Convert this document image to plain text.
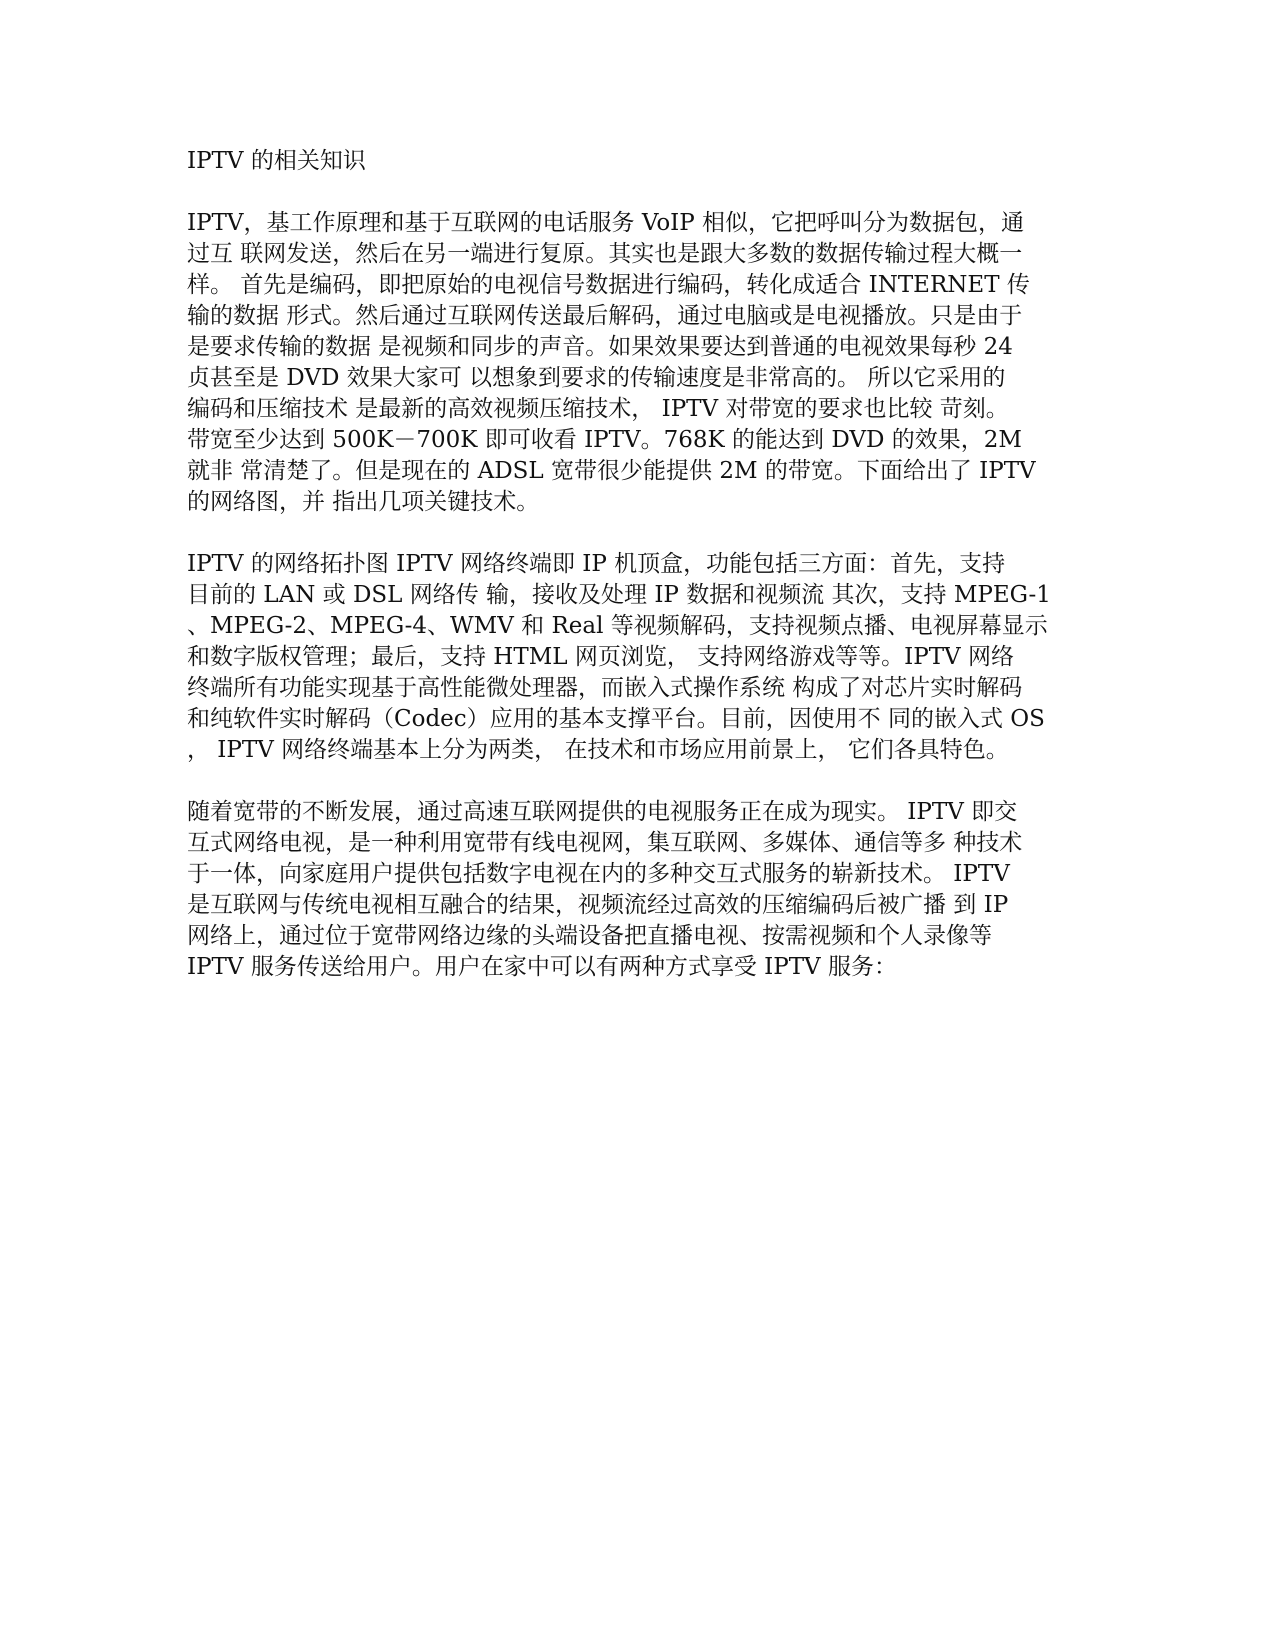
IPTV 的相关知识
IPTV，基工作原理和基于互联网的电话服务 VoIP 相似，它把呼叫分为数据包，通
过互 联网发送，然后在另一端进行复原。其实也是跟大多数的数据传输过程大概一
样。 首先是编码，即把原始的电视信号数据进行编码，转化成适合 INTERNET 传
输的数据 形式。然后通过互联网传送最后解码，通过电脑或是电视播放。只是由于
是要求传输的数据 是视频和同步的声音。如果效果要达到普通的电视效果每秒 24
贞甚至是 DVD 效果大家可 以想象到要求的传输速度是非常高的。 所以它采用的
编码和压缩技术 是最新的高效视频压缩技术， IPTV 对带宽的要求也比较 苛刻。
带宽至少达到 500K－700K 即可收看 IPTV。768K 的能达到 DVD 的效果，2M
就非 常清楚了。但是现在的 ADSL 宽带很少能提供 2M 的带宽。下面给出了 IPTV
的网络图，并 指出几项关键技术。
IPTV 的网络拓扑图 IPTV 网络终端即 IP 机顶盒，功能包括三方面：首先，支持
目前的 LAN 或 DSL 网络传 输，接收及处理 IP 数据和视频流 其次，支持 MPEG-1
、MPEG-2、MPEG-4、WMV 和 Real 等视频解码，支持视频点播、电视屏幕显示
和数字版权管理；最后，支持 HTML 网页浏览， 支持网络游戏等等。IPTV 网络
终端所有功能实现基于高性能微处理器，而嵌入式操作系统 构成了对芯片实时解码
和纯软件实时解码（Codec）应用的基本支撑平台。目前，因使用不 同的嵌入式 OS
， IPTV 网络终端基本上分为两类， 在技术和市场应用前景上， 它们各具特色。
随着宽带的不断发展，通过高速互联网提供的电视服务正在成为现实。 IPTV 即交
互式网络电视，是一种利用宽带有线电视网，集互联网、多媒体、通信等多 种技术
于一体，向家庭用户提供包括数字电视在内的多种交互式服务的崭新技术。 IPTV
是互联网与传统电视相互融合的结果，视频流经过高效的压缩编码后被广播 到 IP
网络上，通过位于宽带网络边缘的头端设备把直播电视、按需视频和个人录像等
IPTV 服务传送给用户。用户在家中可以有两种方式享受 IPTV 服务：
